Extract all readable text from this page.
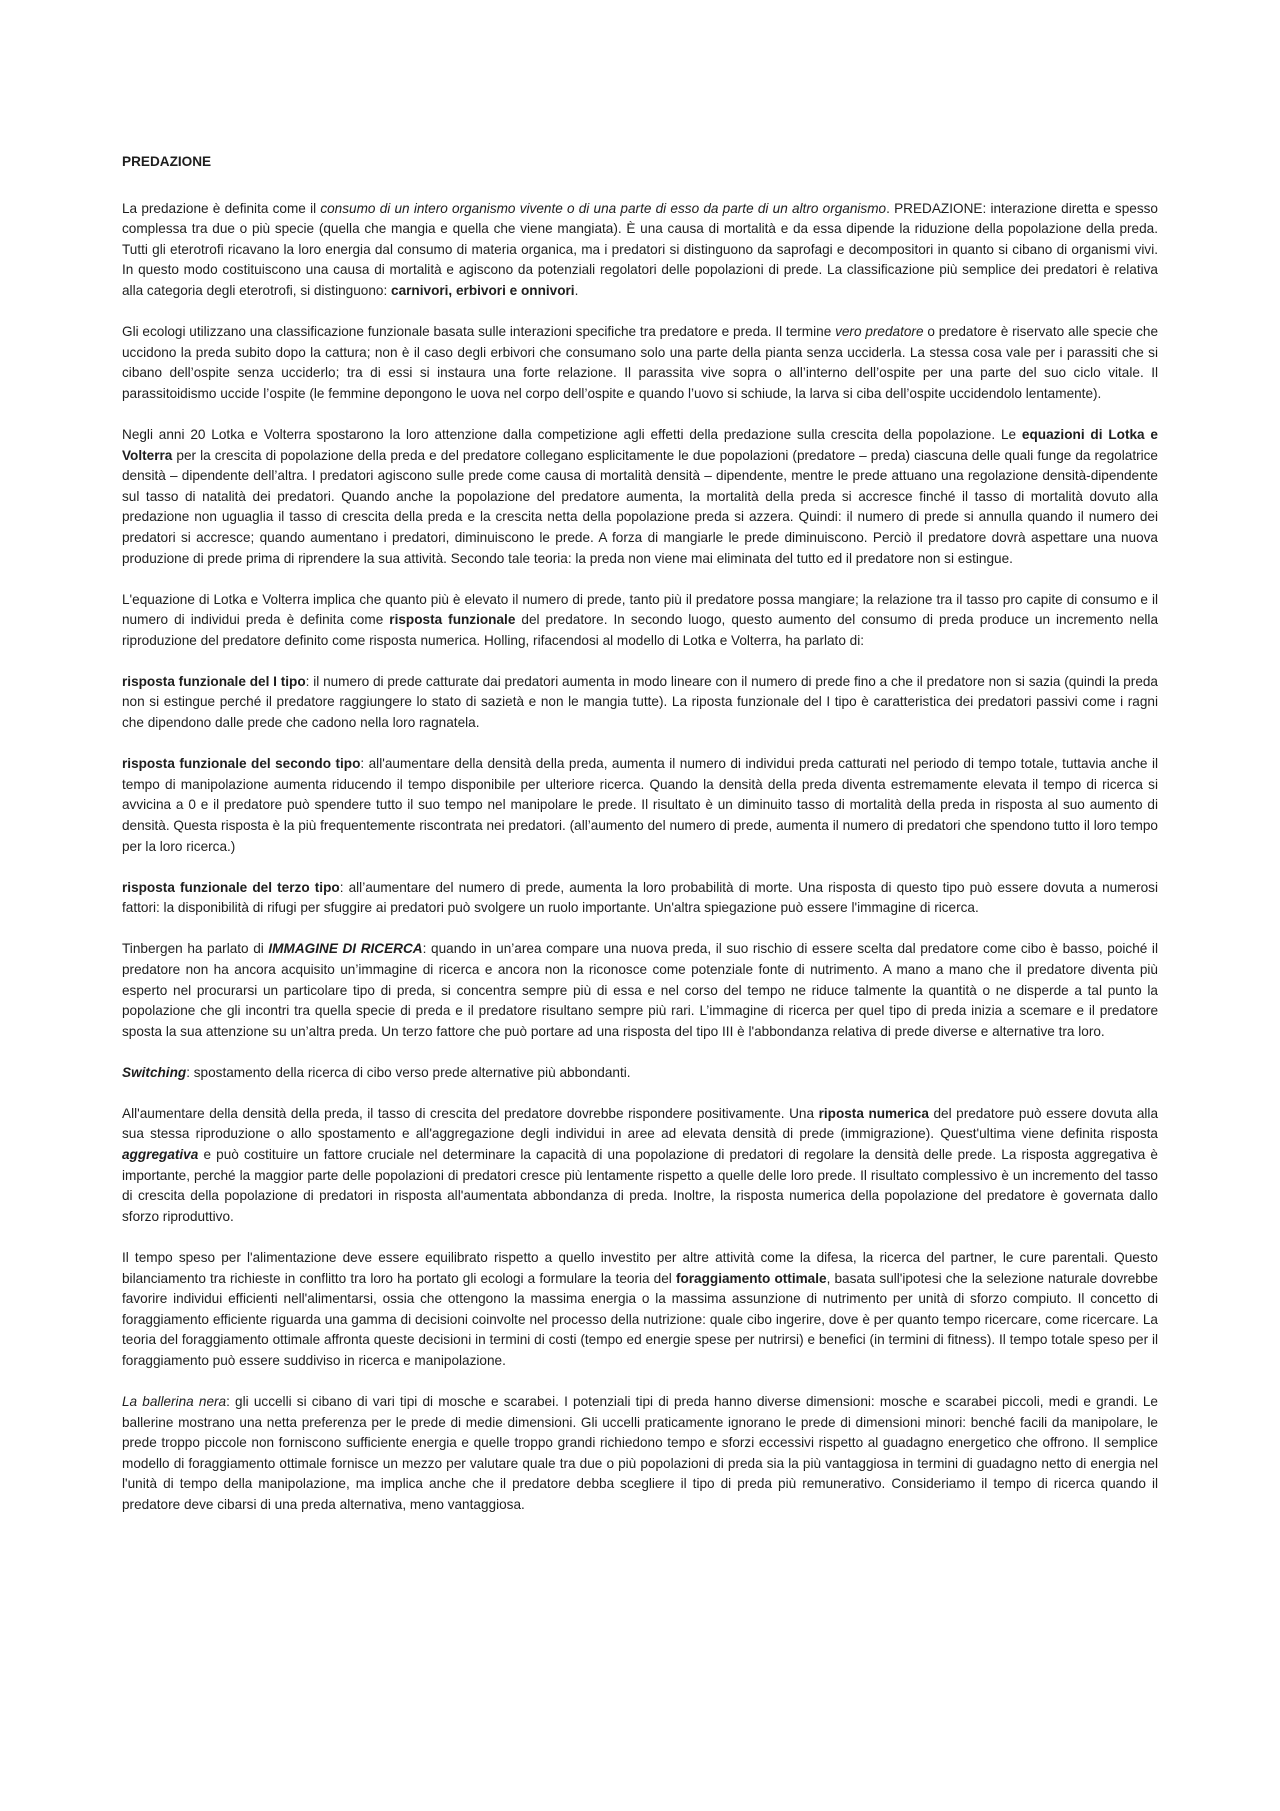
PREDAZIONE

La predazione è definita come il consumo di un intero organismo vivente o di una parte di esso da parte di un altro organismo. PREDAZIONE: interazione diretta e spesso complessa tra due o più specie (quella che mangia e quella che viene mangiata). È una causa di mortalità e da essa dipende la riduzione della popolazione della preda. Tutti gli eterotrofi ricavano la loro energia dal consumo di materia organica, ma i predatori si distinguono da saprofagi e decompositori in quanto si cibano di organismi vivi. In questo modo costituiscono una causa di mortalità e agiscono da potenziali regolatori delle popolazioni di prede. La classificazione più semplice dei predatori è relativa alla categoria degli eterotrofi, si distinguono: carnivori, erbivori e onnivori.

Gli ecologi utilizzano una classificazione funzionale basata sulle interazioni specifiche tra predatore e preda. Il termine vero predatore o predatore è riservato alle specie che uccidono la preda subito dopo la cattura; non è il caso degli erbivori che consumano solo una parte della pianta senza ucciderla. La stessa cosa vale per i parassiti che si cibano dell’ospite senza ucciderlo; tra di essi si instaura una forte relazione. Il parassita vive sopra o all’interno dell’ospite per una parte del suo ciclo vitale. Il parassitoidismo uccide l’ospite (le femmine depongono le uova nel corpo dell’ospite e quando l’uovo si schiude, la larva si ciba dell’ospite uccidendolo lentamente).

Negli anni 20 Lotka e Volterra spostarono la loro attenzione dalla competizione agli effetti della predazione sulla crescita della popolazione. Le equazioni di Lotka e Volterra per la crescita di popolazione della preda e del predatore collegano esplicitamente le due popolazioni (predatore – preda) ciascuna delle quali funge da regolatrice densità – dipendente dell’altra. I predatori agiscono sulle prede come causa di mortalità densità – dipendente, mentre le prede attuano una regolazione densità-dipendente sul tasso di natalità dei predatori. Quando anche la popolazione del predatore aumenta, la mortalità della preda si accresce finché il tasso di mortalità dovuto alla predazione non uguaglia il tasso di crescita della preda e la crescita netta della popolazione preda si azzera. Quindi: il numero di prede si annulla quando il numero dei predatori si accresce; quando aumentano i predatori, diminuiscono le prede. A forza di mangiarle le prede diminuiscono. Perciò il predatore dovrà aspettare una nuova produzione di prede prima di riprendere la sua attività. Secondo tale teoria: la preda non viene mai eliminata del tutto ed il predatore non si estingue.

L'equazione di Lotka e Volterra implica che quanto più è elevato il numero di prede, tanto più il predatore possa mangiare; la relazione tra il tasso pro capite di consumo e il numero di individui preda è definita come risposta funzionale del predatore. In secondo luogo, questo aumento del consumo di preda produce un incremento nella riproduzione del predatore definito come risposta numerica. Holling, rifacendosi al modello di Lotka e Volterra, ha parlato di:

risposta funzionale del I tipo: il numero di prede catturate dai predatori aumenta in modo lineare con il numero di prede fino a che il predatore non si sazia (quindi la preda non si estingue perché il predatore raggiungere lo stato di sazietà e non le mangia tutte). La riposta funzionale del I tipo è caratteristica dei predatori passivi come i ragni che dipendono dalle prede che cadono nella loro ragnatela.

risposta funzionale del secondo tipo: all'aumentare della densità della preda, aumenta il numero di individui preda catturati nel periodo di tempo totale, tuttavia anche il tempo di manipolazione aumenta riducendo il tempo disponibile per ulteriore ricerca. Quando la densità della preda diventa estremamente elevata il tempo di ricerca si avvicina a 0 e il predatore può spendere tutto il suo tempo nel manipolare le prede. Il risultato è un diminuito tasso di mortalità della preda in risposta al suo aumento di densità. Questa risposta è la più frequentemente riscontrata nei predatori. (all’aumento del numero di prede, aumenta il numero di predatori che spendono tutto il loro tempo per la loro ricerca.)

risposta funzionale del terzo tipo: all’aumentare del numero di prede, aumenta la loro probabilità di morte. Una risposta di questo tipo può essere dovuta a numerosi fattori: la disponibilità di rifugi per sfuggire ai predatori può svolgere un ruolo importante. Un'altra spiegazione può essere l'immagine di ricerca.

Tinbergen ha parlato di IMMAGINE DI RICERCA: quando in un’area compare una nuova preda, il suo rischio di essere scelta dal predatore come cibo è basso, poiché il predatore non ha ancora acquisito un’immagine di ricerca e ancora non la riconosce come potenziale fonte di nutrimento. A mano a mano che il predatore diventa più esperto nel procurarsi un particolare tipo di preda, si concentra sempre più di essa e nel corso del tempo ne riduce talmente la quantità o ne disperde a tal punto la popolazione che gli incontri tra quella specie di preda e il predatore risultano sempre più rari. L’immagine di ricerca per quel tipo di preda inizia a scemare e il predatore sposta la sua attenzione su un’altra preda. Un terzo fattore che può portare ad una risposta del tipo III è l'abbondanza relativa di prede diverse e alternative tra loro.

Switching: spostamento della ricerca di cibo verso prede alternative più abbondanti.

All'aumentare della densità della preda, il tasso di crescita del predatore dovrebbe rispondere positivamente. Una riposta numerica del predatore può essere dovuta alla sua stessa riproduzione o allo spostamento e all'aggregazione degli individui in aree ad elevata densità di prede (immigrazione). Quest'ultima viene definita risposta aggregativa e può costituire un fattore cruciale nel determinare la capacità di una popolazione di predatori di regolare la densità delle prede. La risposta aggregativa è importante, perché la maggior parte delle popolazioni di predatori cresce più lentamente rispetto a quelle delle loro prede. Il risultato complessivo è un incremento del tasso di crescita della popolazione di predatori in risposta all'aumentata abbondanza di preda. Inoltre, la risposta numerica della popolazione del predatore è governata dallo sforzo riproduttivo.

Il tempo speso per l'alimentazione deve essere equilibrato rispetto a quello investito per altre attività come la difesa, la ricerca del partner, le cure parentali. Questo bilanciamento tra richieste in conflitto tra loro ha portato gli ecologi a formulare la teoria del foraggiamento ottimale, basata sull'ipotesi che la selezione naturale dovrebbe favorire individui efficienti nell'alimentarsi, ossia che ottengono la massima energia o la massima assunzione di nutrimento per unità di sforzo compiuto. Il concetto di foraggiamento efficiente riguarda una gamma di decisioni coinvolte nel processo della nutrizione: quale cibo ingerire, dove è per quanto tempo ricercare, come ricercare. La teoria del foraggiamento ottimale affronta queste decisioni in termini di costi (tempo ed energie spese per nutrirsi) e benefici (in termini di fitness). Il tempo totale speso per il foraggiamento può essere suddiviso in ricerca e manipolazione.

La ballerina nera: gli uccelli si cibano di vari tipi di mosche e scarabei. I potenziali tipi di preda hanno diverse dimensioni: mosche e scarabei piccoli, medi e grandi. Le ballerine mostrano una netta preferenza per le prede di medie dimensioni. Gli uccelli praticamente ignorano le prede di dimensioni minori: benché facili da manipolare, le prede troppo piccole non forniscono sufficiente energia e quelle troppo grandi richiedono tempo e sforzi eccessivi rispetto al guadagno energetico che offrono. Il semplice modello di foraggiamento ottimale fornisce un mezzo per valutare quale tra due o più popolazioni di preda sia la più vantaggiosa in termini di guadagno netto di energia nel l'unità di tempo della manipolazione, ma implica anche che il predatore debba scegliere il tipo di preda più remunerativo. Consideriamo il tempo di ricerca quando il predatore deve cibarsi di una preda alternativa, meno vantaggiosa.
